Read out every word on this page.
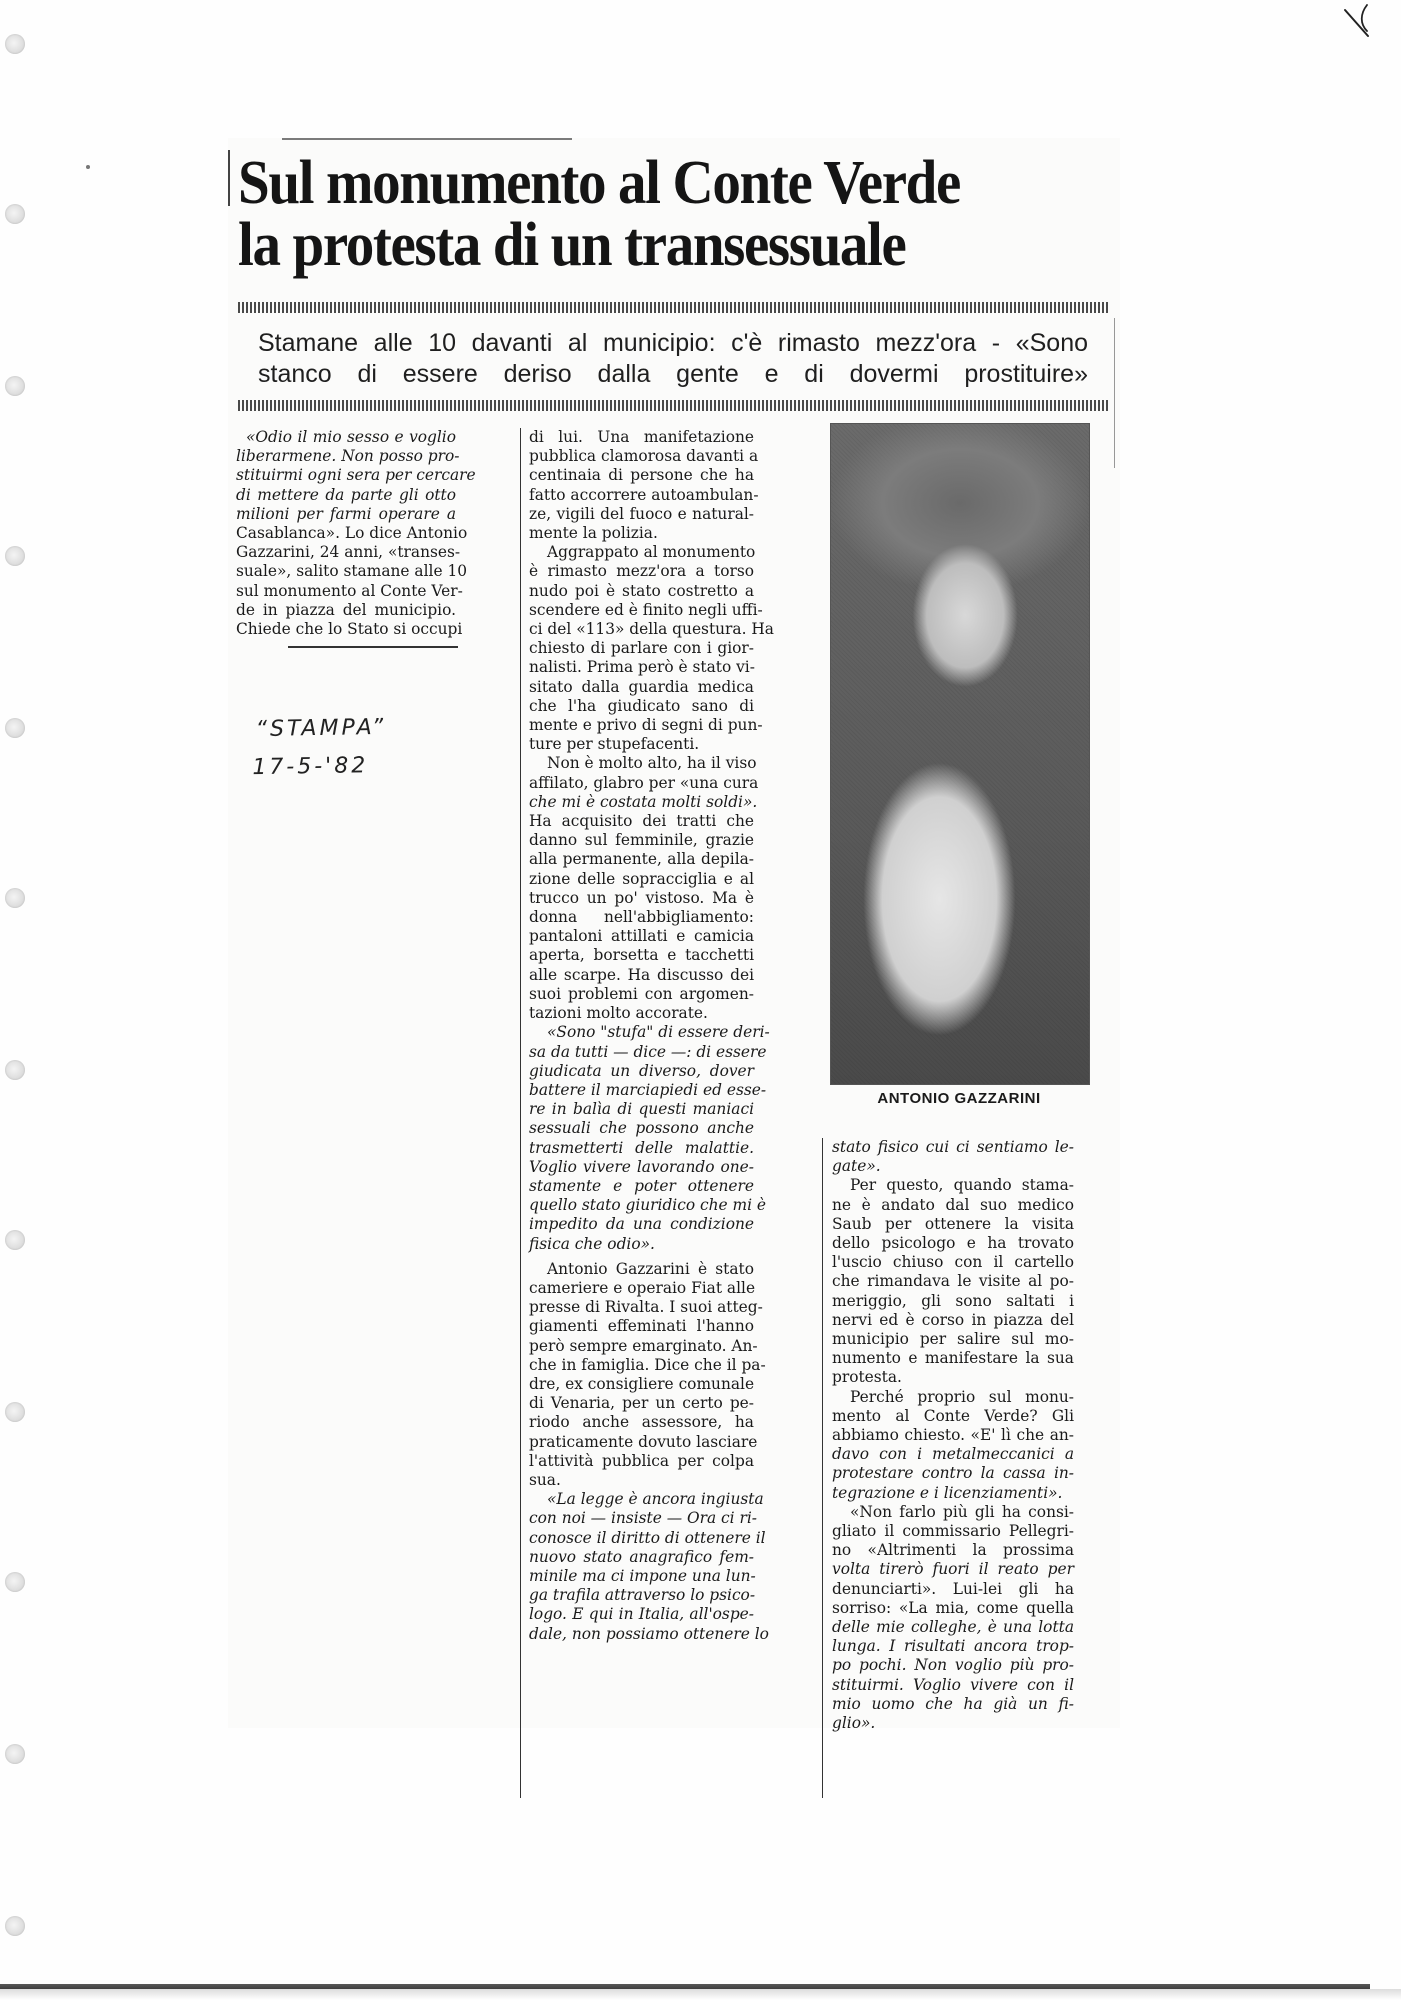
Sul monumento al Conte Verde
la protesta di un transessuale
Stamane alle 10 davanti al municipio: c'è rimasto mezz'ora - «Sono
stanco di essere deriso dalla gente e di dovermi prostituire»
«Odio il mio sesso e voglio
liberarmene. Non posso pro-
stituirmi ogni sera per cercare
di mettere da parte gli otto
milioni per farmi operare a
Casablanca». Lo dice Antonio
Gazzarini, 24 anni, «transes-
suale», salito stamane alle 10
sul monumento al Conte Ver-
de in piazza del municipio.
Chiede che lo Stato si occupi
di lui. Una manifetazione
pubblica clamorosa davanti a
centinaia di persone che ha
fatto accorrere autoambulan-
ze, vigili del fuoco e natural-
mente la polizia.
Aggrappato al monumento
è rimasto mezz'ora a torso
nudo poi è stato costretto a
scendere ed è finito negli uffi-
ci del «113» della questura. Ha
chiesto di parlare con i gior-
nalisti. Prima però è stato vi-
sitato dalla guardia medica
che l'ha giudicato sano di
mente e privo di segni di pun-
ture per stupefacenti.
Non è molto alto, ha il viso
affilato, glabro per «una cura
che mi è costata molti soldi».
Ha acquisito dei tratti che
danno sul femminile, grazie
alla permanente, alla depila-
zione delle sopracciglia e al
trucco un po' vistoso. Ma è
donna nell'abbigliamento:
pantaloni attillati e camicia
aperta, borsetta e tacchetti
alle scarpe. Ha discusso dei
suoi problemi con argomen-
tazioni molto accorate.
«Sono "stufa" di essere deri-
sa da tutti — dice —: di essere
giudicata un diverso, dover
battere il marciapiedi ed esse-
re in balìa di questi maniaci
sessuali che possono anche
trasmetterti delle malattie.
Voglio vivere lavorando one-
stamente e poter ottenere
quello stato giuridico che mi è
impedito da una condizione
fisica che odio».
Antonio Gazzarini è stato
cameriere e operaio Fiat alle
presse di Rivalta. I suoi atteg-
giamenti effeminati l'hanno
però sempre emarginato. An-
che in famiglia. Dice che il pa-
dre, ex consigliere comunale
di Venaria, per un certo pe-
riodo anche assessore, ha
praticamente dovuto lasciare
l'attività pubblica per colpa
sua.
«La legge è ancora ingiusta
con noi — insiste — Ora ci ri-
conosce il diritto di ottenere il
nuovo stato anagrafico fem-
minile ma ci impone una lun-
ga trafila attraverso lo psico-
logo. E qui in Italia, all'ospe-
dale, non possiamo ottenere lo
ANTONIO GAZZARINI
stato fisico cui ci sentiamo le-
gate».
Per questo, quando stama-
ne è andato dal suo medico
Saub per ottenere la visita
dello psicologo e ha trovato
l'uscio chiuso con il cartello
che rimandava le visite al po-
meriggio, gli sono saltati i
nervi ed è corso in piazza del
municipio per salire sul mo-
numento e manifestare la sua
protesta.
Perché proprio sul monu-
mento al Conte Verde? Gli
abbiamo chiesto. «E' lì che an-
davo con i metalmeccanici a
protestare contro la cassa in-
tegrazione e i licenziamenti».
«Non farlo più gli ha consi-
gliato il commissario Pellegri-
no «Altrimenti la prossima
volta tirerò fuori il reato per
denunciarti». Lui-lei gli ha
sorriso: «La mia, come quella
delle mie colleghe, è una lotta
lunga. I risultati ancora trop-
po pochi. Non voglio più pro-
stituirmi. Voglio vivere con il
mio uomo che ha già un fi-
glio».
“STAMPA”
17-5-'82
